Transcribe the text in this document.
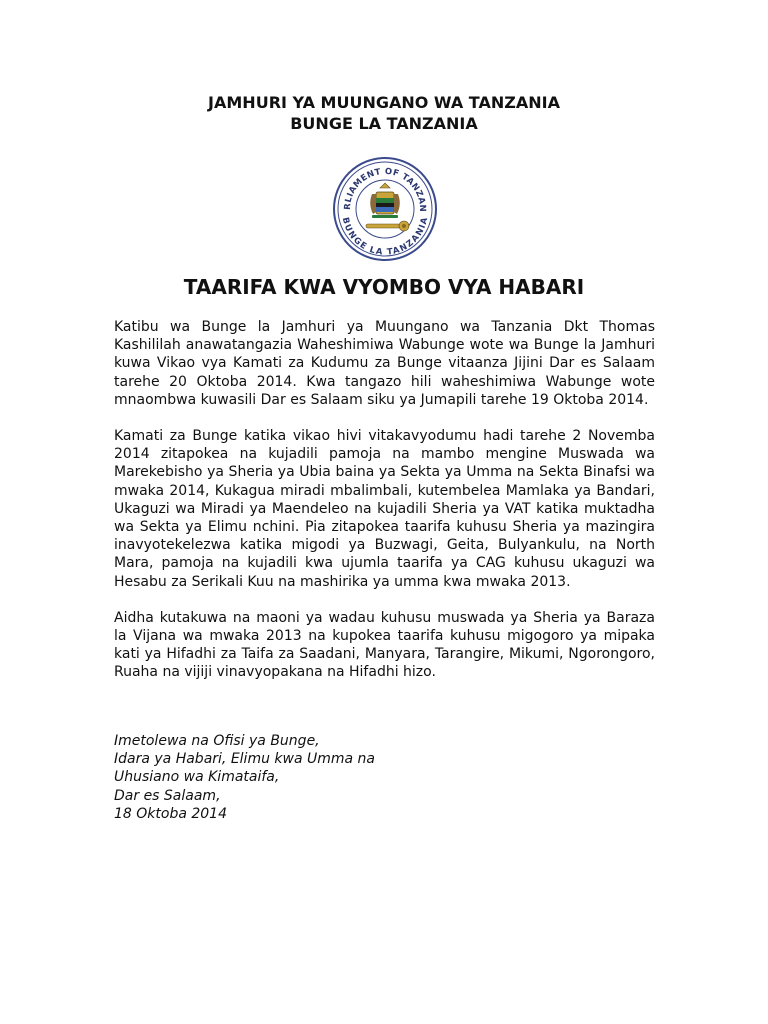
JAMHURI YA MUUNGANO WA TANZANIA
BUNGE LA TANZANIA
RLIAMENT OF TANZAN
BUNGE LA TANZANIA
TAARIFA KWA VYOMBO VYA HABARI

Katibu wa Bunge la Jamhuri ya Muungano wa Tanzania Dkt Thomas Kashililah anawatangazia Waheshimiwa Wabunge wote wa Bunge la Jamhuri kuwa Vikao vya Kamati za Kudumu za Bunge vitaanza Jijini Dar es Salaam tarehe 20 Oktoba 2014. Kwa tangazo hili waheshimiwa Wabunge wote mnaombwa kuwasili Dar es Salaam siku ya Jumapili tarehe 19 Oktoba 2014.

Kamati za Bunge katika vikao hivi vitakavyodumu hadi tarehe 2 Novemba 2014 zitapokea na kujadili pamoja na mambo mengine Muswada wa Marekebisho ya Sheria ya Ubia baina ya Sekta ya Umma na Sekta Binafsi wa mwaka 2014, Kukagua miradi mbalimbali, kutembelea Mamlaka ya Bandari, Ukaguzi wa Miradi ya Maendeleo na kujadili Sheria ya VAT katika muktadha wa Sekta ya Elimu nchini. Pia zitapokea taarifa kuhusu Sheria ya mazingira inavyotekelezwa katika migodi ya Buzwagi, Geita, Bulyankulu, na North Mara, pamoja na kujadili kwa ujumla taarifa ya CAG kuhusu ukaguzi wa Hesabu za Serikali Kuu na mashirika ya umma kwa mwaka 2013.

Aidha kutakuwa na maoni ya wadau kuhusu muswada ya Sheria ya Baraza la Vijana wa mwaka 2013 na kupokea taarifa kuhusu migogoro ya mipaka kati ya Hifadhi za Taifa za Saadani, Manyara, Tarangire, Mikumi, Ngorongoro, Ruaha na vijiji vinavyopakana na Hifadhi hizo.

Imetolewa na Ofisi ya Bunge,
Idara ya Habari, Elimu kwa Umma na
Uhusiano wa Kimataifa,
Dar es Salaam,
18 Oktoba 2014
